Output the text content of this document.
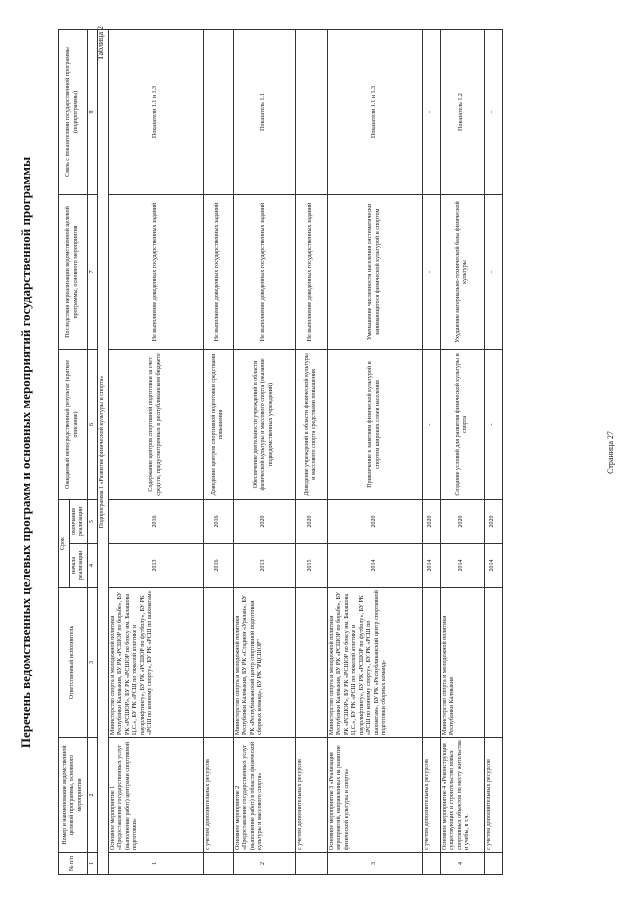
Таблица 2
Перечень ведомственных целевых программ и основных мероприятий государственной программы
№ п/п	Номер и наименование ведомственной целевой программы, основного мероприятия	Ответственный исполнитель	Срок		Ожидаемый непосредственный результат (краткое описание)	Последствия нереализации ведомственной целевой программы, основного мероприятия	Связь с показателями государственной программы (подпрограммы)
			начала реализации	окончания реализации			
1	2	3	4	5	6	7	8
Подпрограмма 1 «Развитие физической культуры и спорта»							
1	Основное мероприятие 1 «Предоставление государственных услуг (выполнение работ) центрами спортивной подготовки»	Министерство спорта и молодежной политики Республики Калмыкия, БУ РК «РСШОР по борьбе», БУ РК «РСШОР», БУ РК «РСШОР по боксу им. Балашова Ц.С.», БУ РК «РСШ по тяжелой атлетике и пауэрлифтингу», БУ РК «РСШОР по футболу», БУ РК «РСШ по конному спорту», БУ РК «РСШ по шахматам»	2013	2016	Содержание центров спортивной подготовки за счет средств, предусмотренных в республиканском бюджете	Не выполнение доведенных государственных заданий	Показатели 1.1 и 1.3
	с учетом дополнительных ресурсов		2016	2016	Доведение центров спортивной подготовки средствами повышения	Не выполнение доведенных государственных заданий	
2	Основное мероприятие 2 «Предоставление государственных услуг (выполнение работ) в области физической культуры и массового спорта»	Министерство спорта и молодежной политики Республики Калмыкия, БУ РК «Стадион «Уралан», БУ РК «Республиканский центр спортивной подготовки сборных команд», БУ РК "РЦСШОР"	2013	2020	Обеспечение деятельности учреждений в области физической культуры и массового спорта (оказание подведомственных учреждений)	Не выполнение доведенных государственных заданий	Показатель 1.1
	с учетом дополнительных ресурсов		2015	2020	Доведение учреждений в области физической культуры и массового спорта средствами повышения	Не выполнение доведенных государственных заданий	
3	Основное мероприятие 3 «Реализация мероприятий, направленных на развитие физической культуры и спорта»	Министерство спорта и молодежной политики Республики Калмыкия, БУ РК «РСШОР по борьбе», БУ РК «РСШОР», БУ РК «РСШОР по боксу им. Балашова Ц.С.», БУ РК «РСШ по тяжелой атлетике и пауэрлифтингу», БУ РК «РСШОР по футболу», БУ РК «РСШ по конному спорту», БУ РК «РСШ по шахматам», БУ РК «Республиканский центр спортивной подготовки сборных команд»	2014	2020	Привлечение к занятиям физической культурой и спортом широких слоев населения	Уменьшение численности населения систематически занимающегося физической культурой и спортом	Показатели 1.1 и 1.3
	с учетом дополнительных ресурсов		2014	2020	-	-	-
4	Основное мероприятие 4 «Реконструкция существующих и строительство новых спортивных объектов по месту жительства и учебы, в т.ч.	Министерство спорта и молодежной политики Республики Калмыкия	2014	2020	Создание условий для развития физической культуры и спорта	Ухудшение материально-технической базы физической культуры	Показатель 1.2
	с учетом дополнительных ресурсов		2014	2020	-	-	-
Страница 27
